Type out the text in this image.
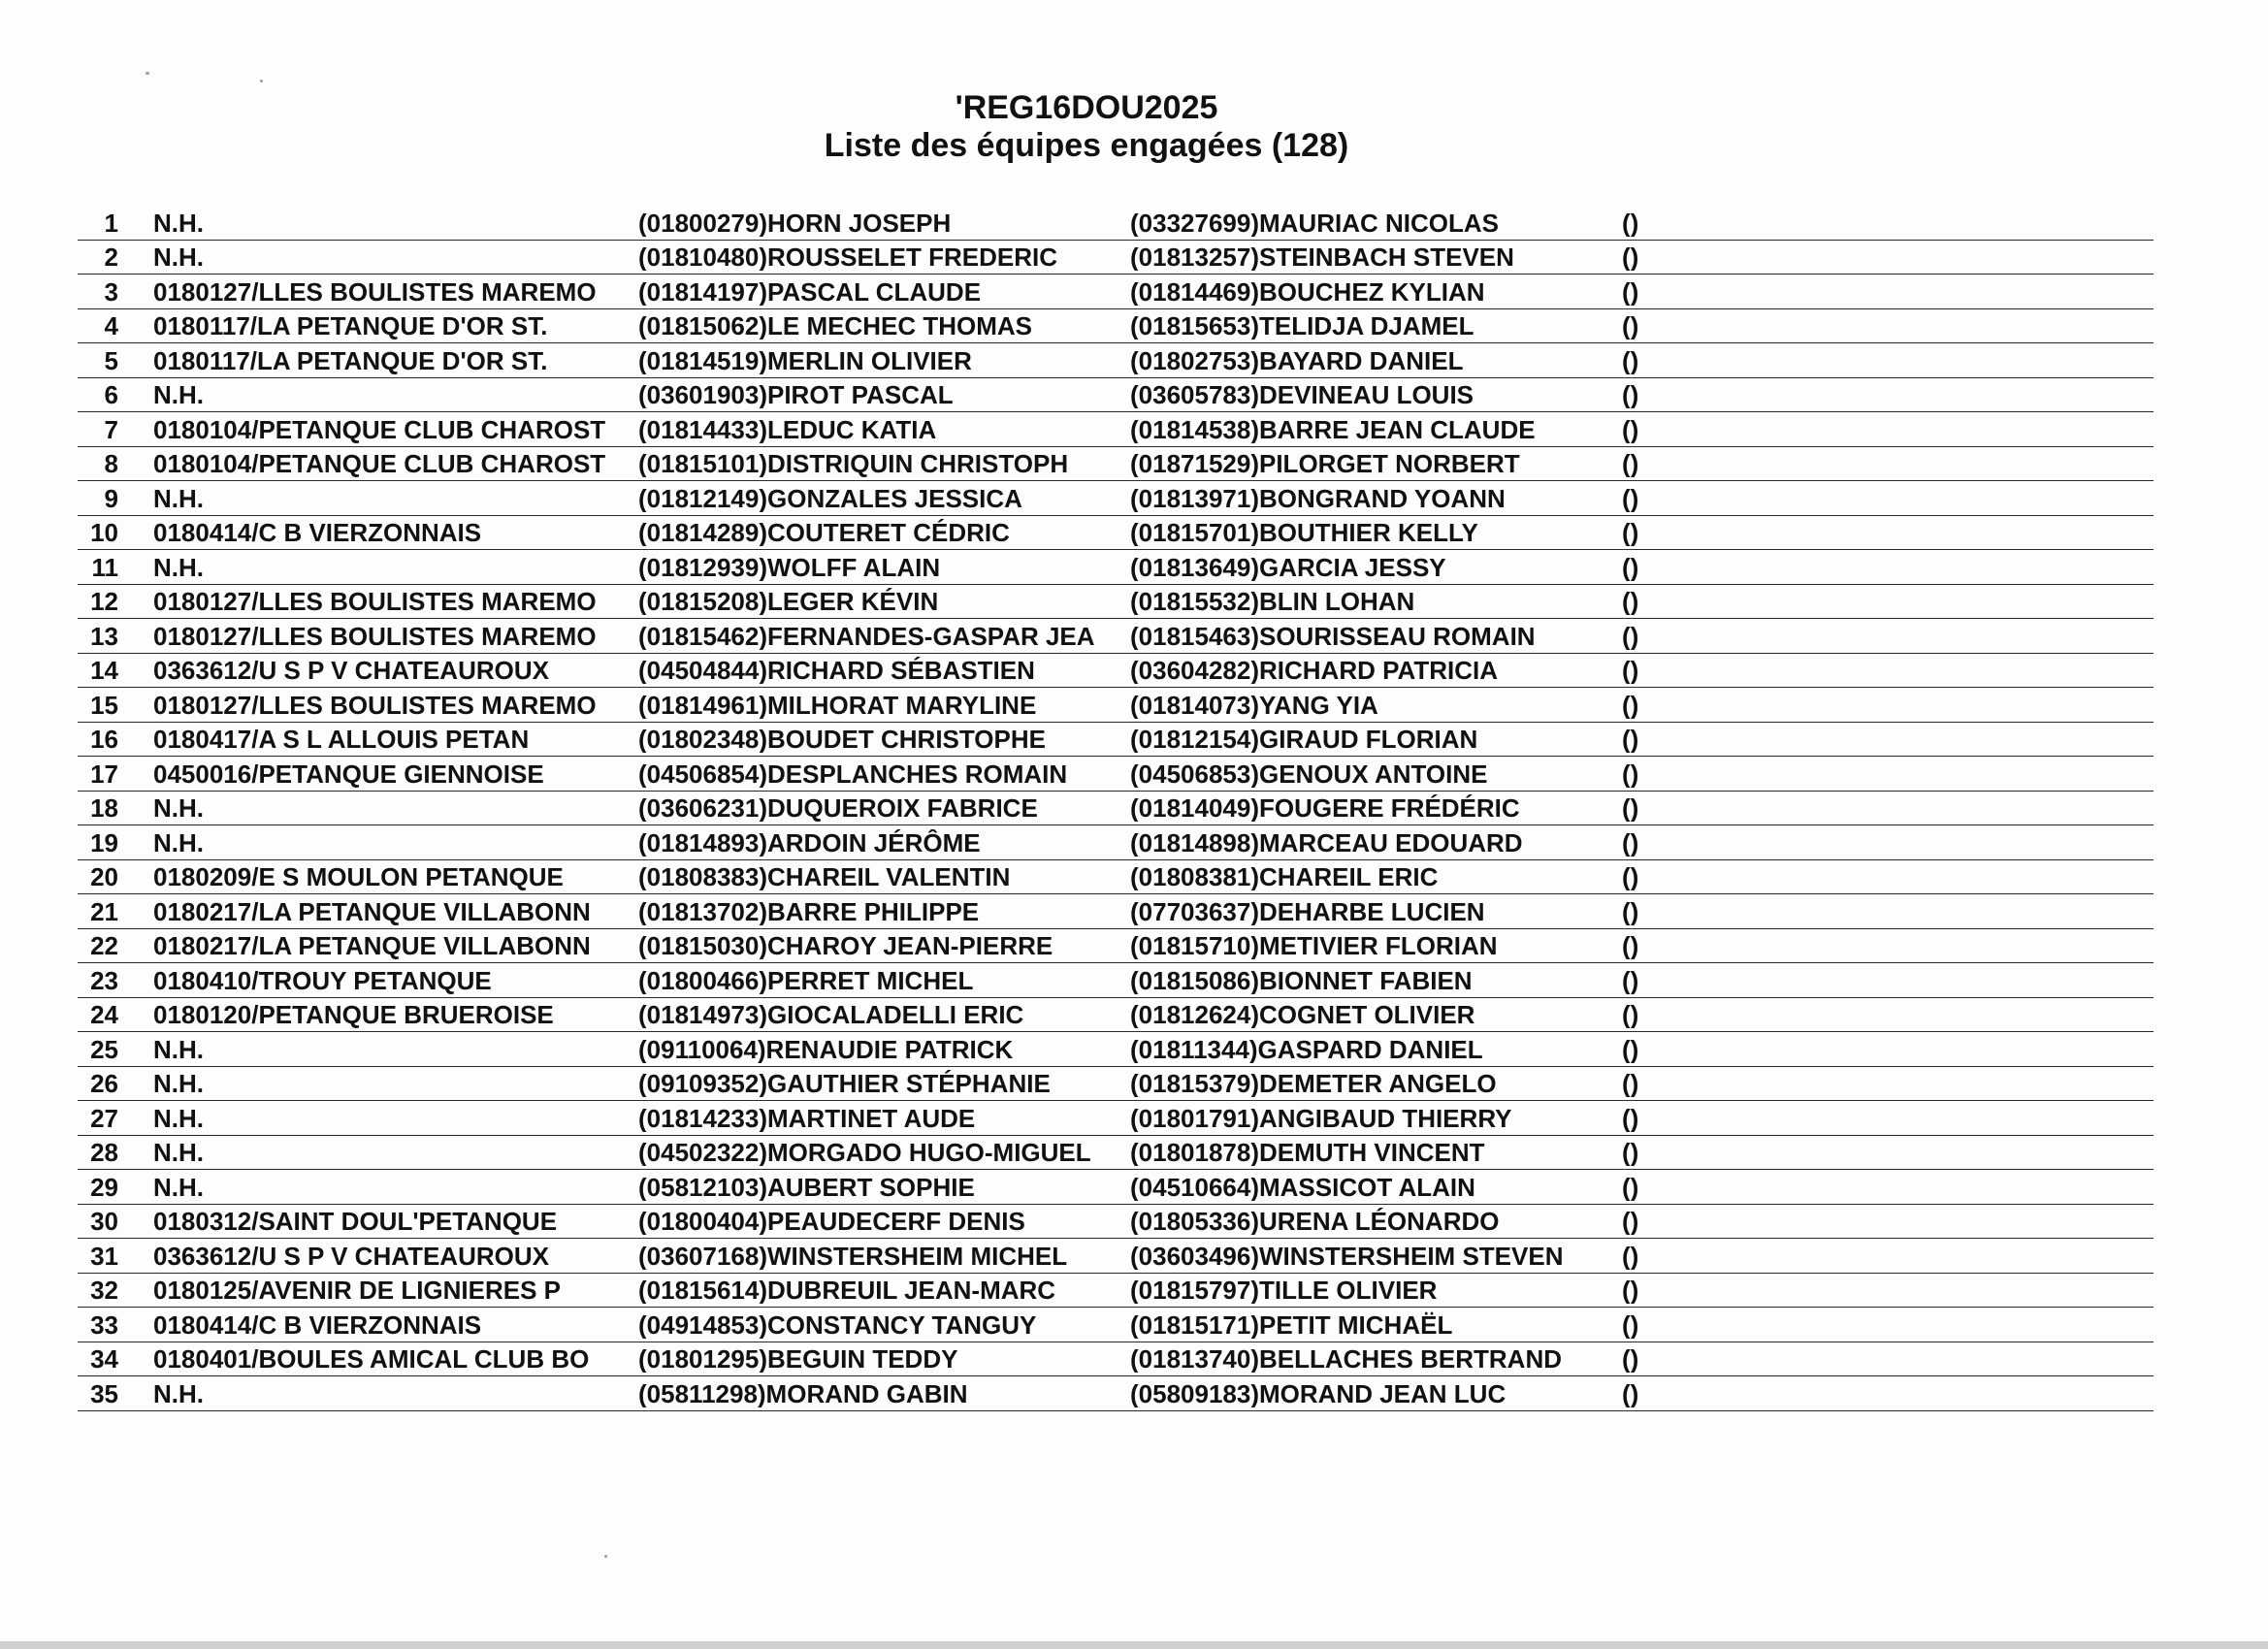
'REG16DOU2025
Liste des équipes engagées (128)
1 N.H.	(01800279)HORN JOSEPH	(03327699)MAURIAC NICOLAS	()
2 N.H.	(01810480)ROUSSELET FREDERIC	(01813257)STEINBACH STEVEN	()
3 0180127/LLES BOULISTES MAREMO	(01814197)PASCAL CLAUDE	(01814469)BOUCHEZ KYLIAN	()
4 0180117/LA PETANQUE D'OR ST.	(01815062)LE MECHEC THOMAS	(01815653)TELIDJA DJAMEL	()
5 0180117/LA PETANQUE D'OR ST.	(01814519)MERLIN OLIVIER	(01802753)BAYARD DANIEL	()
6 N.H.	(03601903)PIROT PASCAL	(03605783)DEVINEAU LOUIS	()
7 0180104/PETANQUE CLUB CHAROST	(01814433)LEDUC KATIA	(01814538)BARRE JEAN CLAUDE	()
8 0180104/PETANQUE CLUB CHAROST	(01815101)DISTRIQUIN CHRISTOPH	(01871529)PILORGET NORBERT	()
9 N.H.	(01812149)GONZALES JESSICA	(01813971)BONGRAND YOANN	()
10 0180414/C B VIERZONNAIS	(01814289)COUTERET CÉDRIC	(01815701)BOUTHIER KELLY	()
11 N.H.	(01812939)WOLFF ALAIN	(01813649)GARCIA JESSY	()
12 0180127/LLES BOULISTES MAREMO	(01815208)LEGER KÉVIN	(01815532)BLIN LOHAN	()
13 0180127/LLES BOULISTES MAREMO	(01815462)FERNANDES-GASPAR JEA	(01815463)SOURISSEAU ROMAIN	()
14 0363612/U S P V CHATEAUROUX	(04504844)RICHARD SÉBASTIEN	(03604282)RICHARD PATRICIA	()
15 0180127/LLES BOULISTES MAREMO	(01814961)MILHORAT MARYLINE	(01814073)YANG YIA	()
16 0180417/A S L ALLOUIS PETAN	(01802348)BOUDET CHRISTOPHE	(01812154)GIRAUD FLORIAN	()
17 0450016/PETANQUE GIENNOISE	(04506854)DESPLANCHES ROMAIN	(04506853)GENOUX ANTOINE	()
18 N.H.	(03606231)DUQUEROIX FABRICE	(01814049)FOUGERE FRÉDÉRIC	()
19 N.H.	(01814893)ARDOIN JÉRÔME	(01814898)MARCEAU EDOUARD	()
20 0180209/E S MOULON PETANQUE	(01808383)CHAREIL VALENTIN	(01808381)CHAREIL ERIC	()
21 0180217/LA PETANQUE VILLABONN	(01813702)BARRE PHILIPPE	(07703637)DEHARBE LUCIEN	()
22 0180217/LA PETANQUE VILLABONN	(01815030)CHAROY JEAN-PIERRE	(01815710)METIVIER FLORIAN	()
23 0180410/TROUY PETANQUE	(01800466)PERRET MICHEL	(01815086)BIONNET FABIEN	()
24 0180120/PETANQUE BRUEROISE	(01814973)GIOCALADELLI ERIC	(01812624)COGNET OLIVIER	()
25 N.H.	(09110064)RENAUDIE PATRICK	(01811344)GASPARD DANIEL	()
26 N.H.	(09109352)GAUTHIER STÉPHANIE	(01815379)DEMETER ANGELO	()
27 N.H.	(01814233)MARTINET AUDE	(01801791)ANGIBAUD THIERRY	()
28 N.H.	(04502322)MORGADO HUGO-MIGUEL	(01801878)DEMUTH VINCENT	()
29 N.H.	(05812103)AUBERT SOPHIE	(04510664)MASSICOT ALAIN	()
30 0180312/SAINT DOUL'PETANQUE	(01800404)PEAUDECERF DENIS	(01805336)URENA LÉONARDO	()
31 0363612/U S P V CHATEAUROUX	(03607168)WINSTERSHEIM MICHEL	(03603496)WINSTERSHEIM STEVEN	()
32 0180125/AVENIR DE LIGNIERES P	(01815614)DUBREUIL JEAN-MARC	(01815797)TILLE OLIVIER	()
33 0180414/C B VIERZONNAIS	(04914853)CONSTANCY TANGUY	(01815171)PETIT MICHAËL	()
34 0180401/BOULES AMICAL CLUB BO	(01801295)BEGUIN TEDDY	(01813740)BELLACHES BERTRAND	()
35 N.H.	(05811298)MORAND GABIN	(05809183)MORAND JEAN LUC	()
